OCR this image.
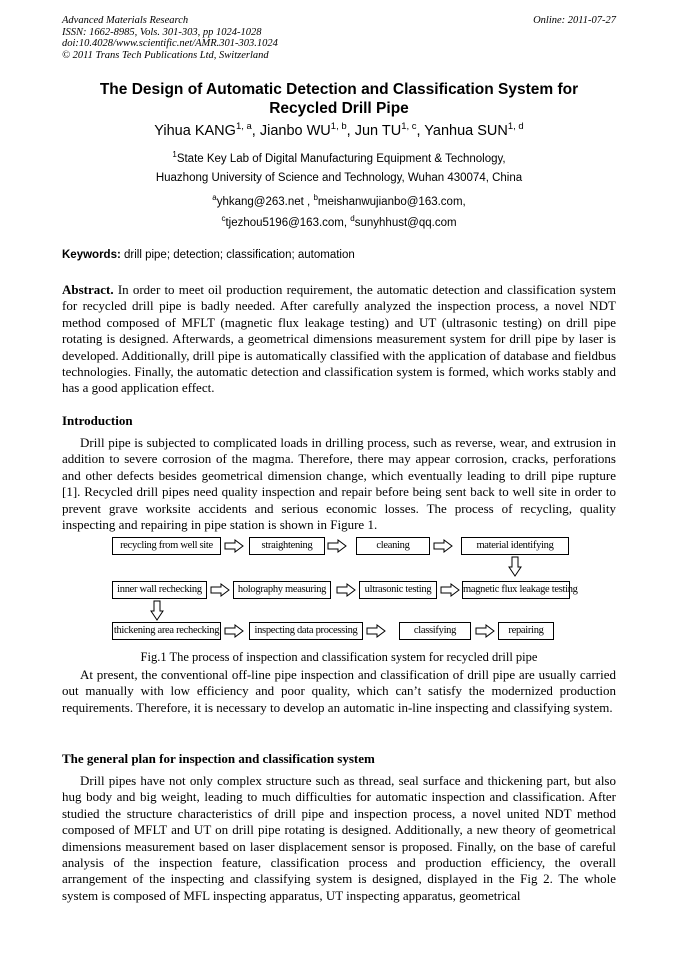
Advanced Materials Research
ISSN: 1662-8985, Vols. 301-303, pp 1024-1028
doi:10.4028/www.scientific.net/AMR.301-303.1024
© 2011 Trans Tech Publications Ltd, Switzerland
Online: 2011-07-27
The Design of Automatic Detection and Classification System for
Recycled Drill Pipe
Yihua KANG$^{1, a}$, Jianbo WU$^{1, b}$, Jun TU$^{1, c}$, Yanhua SUN$^{1, d}$
$^1$State Key Lab of Digital Manufacturing Equipment & Technology,
Huazhong University of Science and Technology, Wuhan 430074, China
$^a$yhkang@263.net , $^b$meishanwujianbo@163.com,
$^c$tjezhou5196@163.com, $^d$sunyhhust@qq.com
Keywords: drill pipe; detection; classification; automation
Abstract. In order to meet oil production requirement, the automatic detection and classification system for recycled drill pipe is badly needed. After carefully analyzed the inspection process, a novel NDT method composed of MFLT (magnetic flux leakage testing) and UT (ultrasonic testing) on drill pipe rotating is designed. Afterwards, a geometrical dimensions measurement system for drill pipe by laser is developed. Additionally, drill pipe is automatically classified with the application of database and fieldbus technologies. Finally, the automatic detection and classification system is formed, which works stably and has a good application effect.
Introduction
Drill pipe is subjected to complicated loads in drilling process, such as reverse, wear, and extrusion in addition to severe corrosion of the magma. Therefore, there may appear corrosion, cracks, perforations and other defects besides geometrical dimension change, which eventually leading to drill pipe rupture [1]. Recycled drill pipes need quality inspection and repair before being sent back to well site in order to prevent grave worksite accidents and serious economic losses. The process of recycling, quality inspecting and repairing in pipe station is shown in Figure 1.
recycling from well site	straightening	cleaning	material identifying
inner wall rechecking	holography measuring	ultrasonic testing	magnetic flux leakage testing
thickening area rechecking	inspecting data processing	classifying	repairing
Fig.1 The process of inspection and classification system for recycled drill pipe
At present, the conventional off-line pipe inspection and classification of drill pipe are usually carried out manually with low efficiency and poor quality, which can’t satisfy the modernized production requirements. Therefore, it is necessary to develop an automatic in-line inspecting and classifying system.
The general plan for inspection and classification system
Drill pipes have not only complex structure such as thread, seal surface and thickening part, but also hug body and big weight, leading to much difficulties for automatic inspection and classification. After studied the structure characteristics of drill pipe and inspection process, a novel united NDT method composed of MFLT and UT on drill pipe rotating is designed. Additionally, a new theory of geometrical dimensions measurement based on laser displacement sensor is proposed. Finally, on the base of careful analysis of the inspection feature, classification process and production efficiency, the overall arrangement of the inspecting and classifying system is designed, displayed in the Fig 2. The whole system is composed of MFL inspecting apparatus, UT inspecting apparatus, geometrical
